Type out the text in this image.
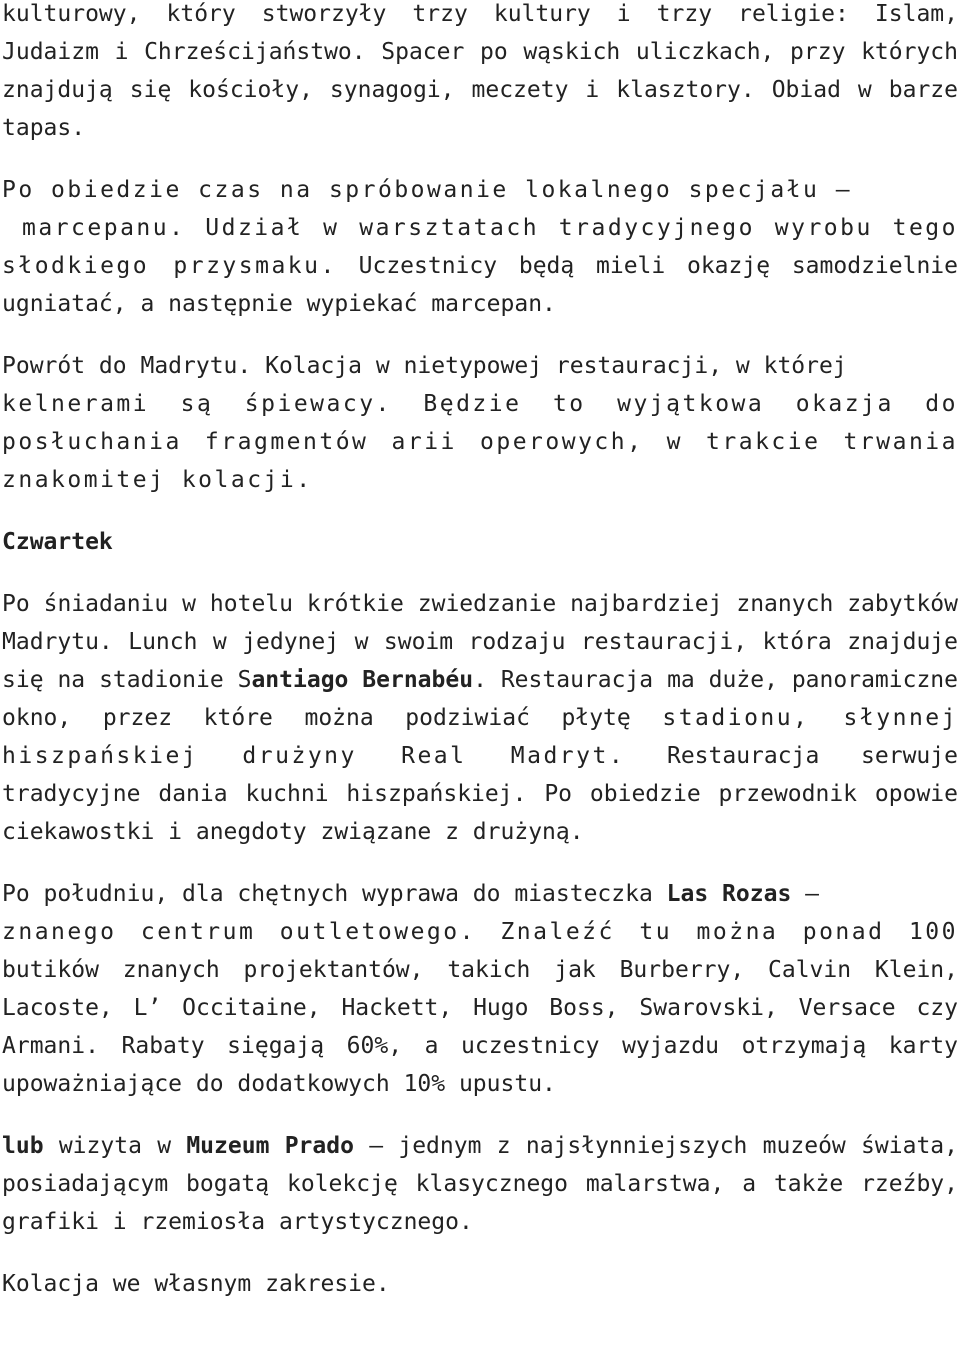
kulturowy, który stworzyły trzy kultury i trzy religie: Islam, Judaizm i Chrześcijaństwo. Spacer po wąskich uliczkach, przy których znajdują się kościoły, synagogi, meczety i klasztory. Obiad w barze tapas.

Po obiedzie czas na spróbowanie lokalnego specjału –
marcepanu. Udział w warsztatach tradycyjnego wyrobu tego słodkiego przysmaku. Uczestnicy będą mieli okazję samodzielnie ugniatać, a następnie wypiekać marcepan.

Powrót do Madrytu. Kolacja w nietypowej restauracji, w której
kelnerami są śpiewacy. Będzie to wyjątkowa okazja do posłuchania fragmentów arii operowych, w trakcie trwania znakomitej kolacji.

Czwartek

Po śniadaniu w hotelu krótkie zwiedzanie najbardziej znanych zabytków Madrytu. Lunch w jedynej w swoim rodzaju restauracji, która znajduje się na stadionie Santiago Bernabéu. Restauracja ma duże, panoramiczne okno, przez które można podziwiać płytę stadionu, słynnej hiszpańskiej drużyny Real Madryt. Restauracja serwuje tradycyjne dania kuchni hiszpańskiej. Po obiedzie przewodnik opowie ciekawostki i anegdoty związane z drużyną.

Po południu, dla chętnych wyprawa do miasteczka Las Rozas –
znanego centrum outletowego. Znaleźć tu można ponad 100 butików znanych projektantów, takich jak Burberry, Calvin Klein, Lacoste, L’ Occitaine, Hackett, Hugo Boss, Swarovski, Versace czy Armani. Rabaty sięgają 60%, a uczestnicy wyjazdu otrzymają karty upoważniające do dodatkowych 10% upustu.

lub wizyta w Muzeum Prado – jednym z najsłynniejszych muzeów świata, posiadającym bogatą kolekcję klasycznego malarstwa, a także rzeźby, grafiki i rzemiosła artystycznego.

Kolacja we własnym zakresie.
